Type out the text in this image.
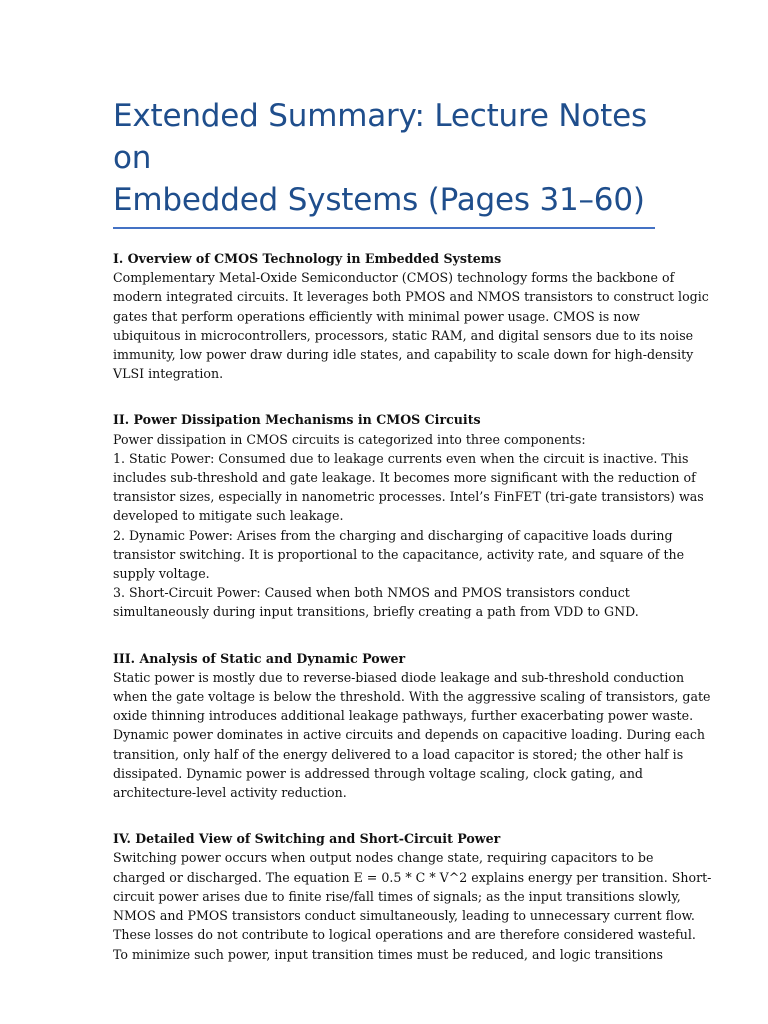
Extended Summary: Lecture Notes on
Embedded Systems (Pages 31–60)
I. Overview of CMOS Technology in Embedded Systems
Complementary Metal-Oxide Semiconductor (CMOS) technology forms the backbone of
modern integrated circuits. It leverages both PMOS and NMOS transistors to construct logic
gates that perform operations efficiently with minimal power usage. CMOS is now
ubiquitous in microcontrollers, processors, static RAM, and digital sensors due to its noise
immunity, low power draw during idle states, and capability to scale down for high-density
VLSI integration.
II. Power Dissipation Mechanisms in CMOS Circuits
Power dissipation in CMOS circuits is categorized into three components:
1. Static Power: Consumed due to leakage currents even when the circuit is inactive. This
includes sub-threshold and gate leakage. It becomes more significant with the reduction of
transistor sizes, especially in nanometric processes. Intel’s FinFET (tri-gate transistors) was
developed to mitigate such leakage.
2. Dynamic Power: Arises from the charging and discharging of capacitive loads during
transistor switching. It is proportional to the capacitance, activity rate, and square of the
supply voltage.
3. Short-Circuit Power: Caused when both NMOS and PMOS transistors conduct
simultaneously during input transitions, briefly creating a path from VDD to GND.
III. Analysis of Static and Dynamic Power
Static power is mostly due to reverse-biased diode leakage and sub-threshold conduction
when the gate voltage is below the threshold. With the aggressive scaling of transistors, gate
oxide thinning introduces additional leakage pathways, further exacerbating power waste.
Dynamic power dominates in active circuits and depends on capacitive loading. During each
transition, only half of the energy delivered to a load capacitor is stored; the other half is
dissipated. Dynamic power is addressed through voltage scaling, clock gating, and
architecture-level activity reduction.
IV. Detailed View of Switching and Short-Circuit Power
Switching power occurs when output nodes change state, requiring capacitors to be
charged or discharged. The equation E = 0.5 * C * V^2 explains energy per transition. Short-
circuit power arises due to finite rise/fall times of signals; as the input transitions slowly,
NMOS and PMOS transistors conduct simultaneously, leading to unnecessary current flow.
These losses do not contribute to logical operations and are therefore considered wasteful.
To minimize such power, input transition times must be reduced, and logic transitions
